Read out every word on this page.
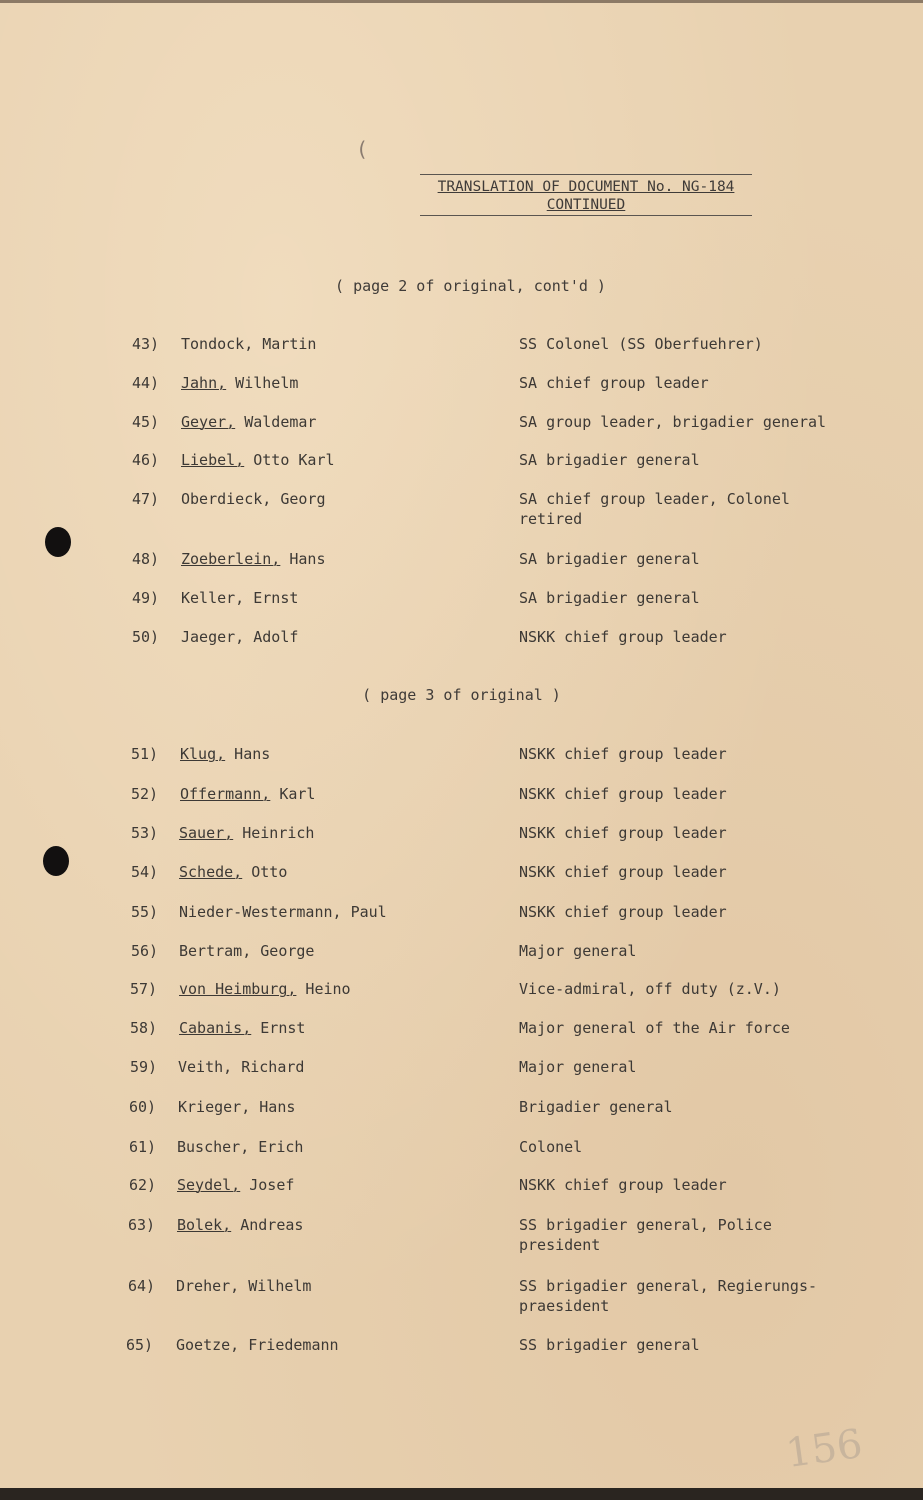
(
TRANSLATION OF DOCUMENT No. NG-184
CONTINUED
( page 2 of original, cont'd )
( page 3 of original )
43)	Tondock, Martin	SS Colonel (SS Oberfuehrer)
44)	Jahn, Wilhelm	SA chief group leader
45)	Geyer, Waldemar	SA group leader, brigadier general
46)	Liebel, Otto Karl	SA brigadier general
47)	Oberdieck, Georg	SA chief group leader, Colonel retired
48)	Zoeberlein, Hans	SA brigadier general
49)	Keller, Ernst	SA brigadier general
50)	Jaeger, Adolf	NSKK chief group leader
51)	Klug, Hans	NSKK chief group leader
52)	Offermann, Karl	NSKK chief group leader
53)	Sauer, Heinrich	NSKK chief group leader
54)	Schede, Otto	NSKK chief group leader
55)	Nieder-Westermann, Paul	NSKK chief group leader
56)	Bertram, George	Major general
57)	von Heimburg, Heino	Vice-admiral, off duty (z.V.)
58)	Cabanis, Ernst	Major general of the Air force
59)	Veith, Richard	Major general
60)	Krieger, Hans	Brigadier general
61)	Buscher, Erich	Colonel
62)	Seydel, Josef	NSKK chief group leader
63)	Bolek, Andreas	SS brigadier general, Police president
64)	Dreher, Wilhelm	SS brigadier general, Regierungs-praesident
65)	Goetze, Friedemann	SS brigadier general
156
